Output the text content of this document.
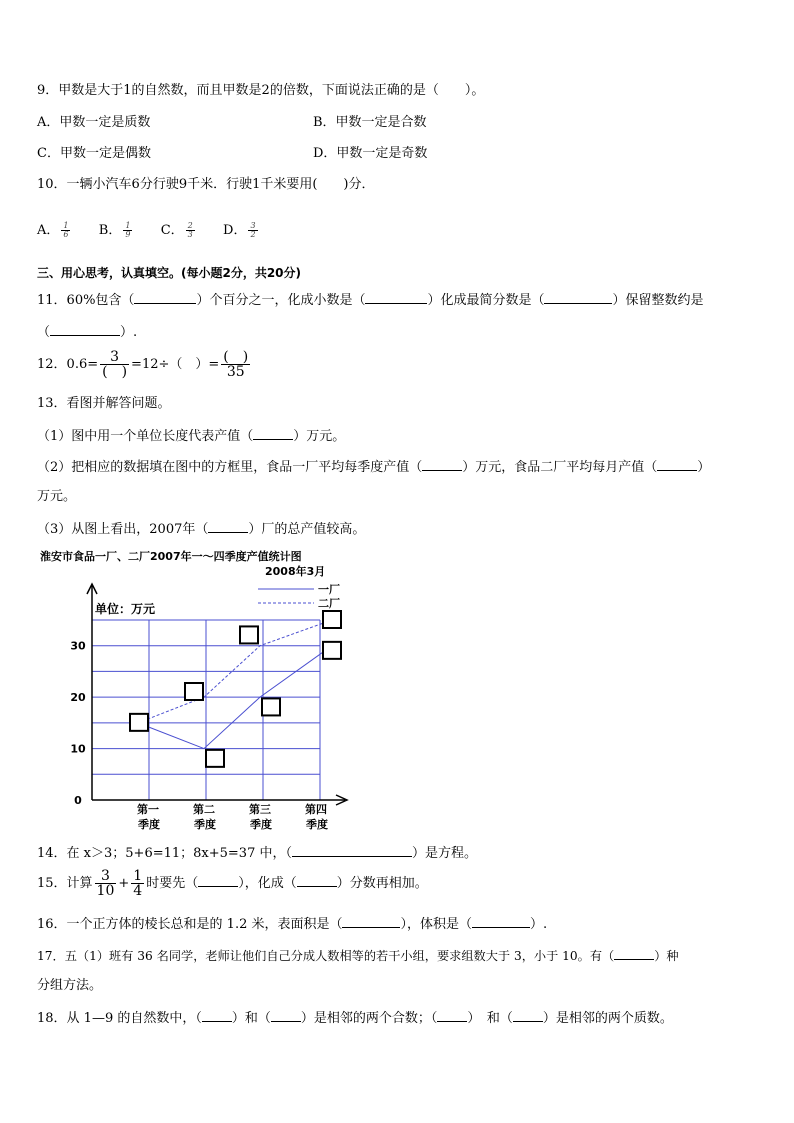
9．甲数是大于1的自然数，而且甲数是2的倍数，下面说法正确的是（　　）。
A．甲数一定是质数	B．甲数一定是合数
C．甲数一定是偶数	D．甲数一定是奇数
10．一辆小汽车6分行驶9千米．行驶1千米要用(　　)分．
A． $\frac{1}{6}$ B． $\frac{1}{9}$ C． $\frac{2}{3}$ D． $\frac{3}{2}$
三、用心思考，认真填空。(每小题2分，共20分)
11．60%包含（	）个百分之一，化成小数是（	）化成最简分数是（	）保留整数约是
（	）.
12．$0.6= \frac{3}{( )} =12\div$（　）= $\frac{( )}{35}$
13．看图并解答问题。
（1）图中用一个单位长度代表产值（	）万元。
（2）把相应的数据填在图中的方框里，食品一厂平均每季度产值（	）万元，食品二厂平均每月产值（	）
万元。
（3）从图上看出，2007年（	）厂的总产值较高。
淮安市食品一厂、二厂2007年一～四季度产值统计图
2008年3月
单位：万元
一厂
二厂
0
10
20
30
第一
季度
第二
季度
第三
季度
第四
季度
14．在 x＞3；5+6=11；8x+5=37 中，（	）是方程。
15．计算 $\frac{3}{10} + \frac{1}{4}$ 时要先（	），化成（	）分数再相加。
16．一个正方体的棱长总和是的 1.2 米，表面积是（	），体积是（	）.
17．五（1）班有 36 名同学，老师让他们自己分成人数相等的若干小组，要求组数大于 3，小于 10。有（	）种
分组方法。
18．从 1—9 的自然数中，（ ）和（ ）是相邻的两个合数；（ ）　和（ ）是相邻的两个质数。
